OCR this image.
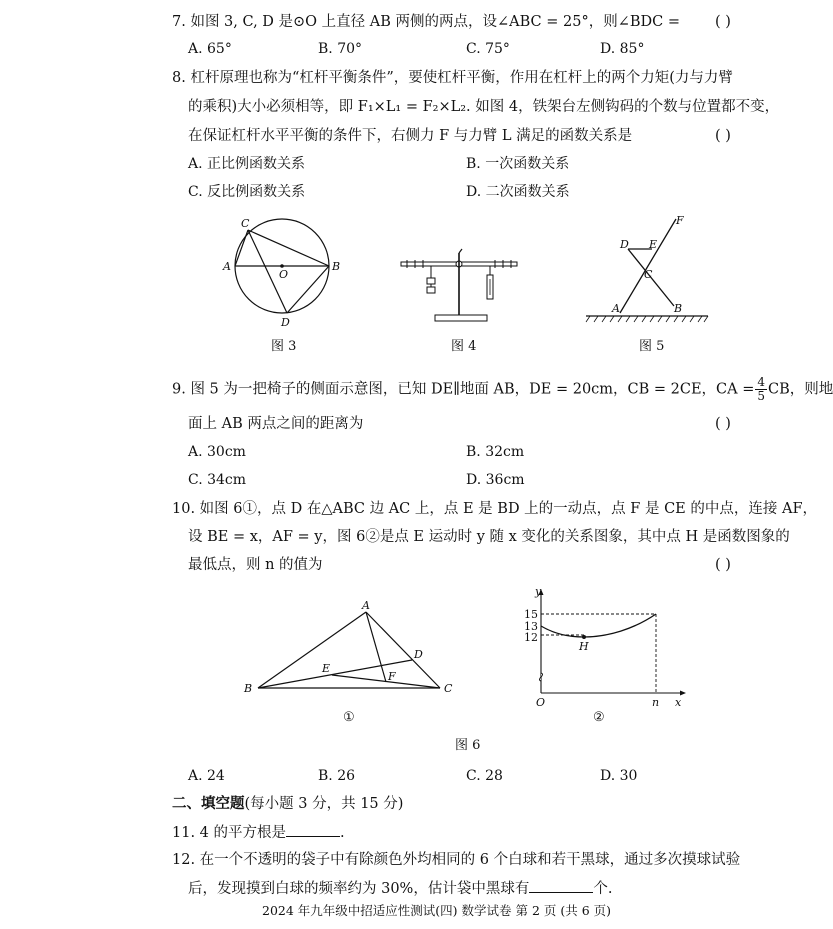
7. 如图 3, C, D 是⊙O 上直径 AB 两侧的两点，设∠ABC = 25°，则∠BDC = ( )
A. 65°	B. 70°	C. 75°	D. 85°
8. 杠杆原理也称为“杠杆平衡条件”，要使杠杆平衡，作用在杠杆上的两个力矩(力与力臂
的乘积)大小必须相等，即 F₁×L₁ = F₂×L₂. 如图 4，铁架台左侧钩码的个数与位置都不变，
在保证杠杆水平平衡的条件下，右侧力 F 与力臂 L 满足的函数关系是	( )
A. 正比例函数关系	B. 一次函数关系
C. 反比例函数关系	D. 二次函数关系
C
A
O
B
D
图 3	图 4
D E
F
C
A	B
图 5
9. 图 5 为一把椅子的侧面示意图，已知 DE∥地面 AB，DE = 20cm，CB = 2CE，CA = $\frac{4}{5}$ CB，则地
面上 AB 两点之间的距离为	( )
A. 30cm	B. 32cm
C. 34cm	D. 36cm
10. 如图 6①，点 D 在△ABC 边 AC 上，点 E 是 BD 上的一动点，点 F 是 CE 的中点，连接 AF，
设 BE = x，AF = y，图 6②是点 E 运动时 y 随 x 变化的关系图象，其中点 H 是函数图象的
最低点，则 n 的值为	( )
A
B	C
D
E
F
①
y
15
13
12
H
O	n x
②
图 6
A. 24	B. 26	C. 28	D. 30
二、填空题(每小题 3 分，共 15 分)
11. 4 的平方根是	.
12. 在一个不透明的袋子中有除颜色外均相同的 6 个白球和若干黑球，通过多次摸球试验
后，发现摸到白球的频率约为 30%，估计袋中黑球有	个.
2024 年九年级中招适应性测试(四) 数学试卷 第 2 页 (共 6 页)
